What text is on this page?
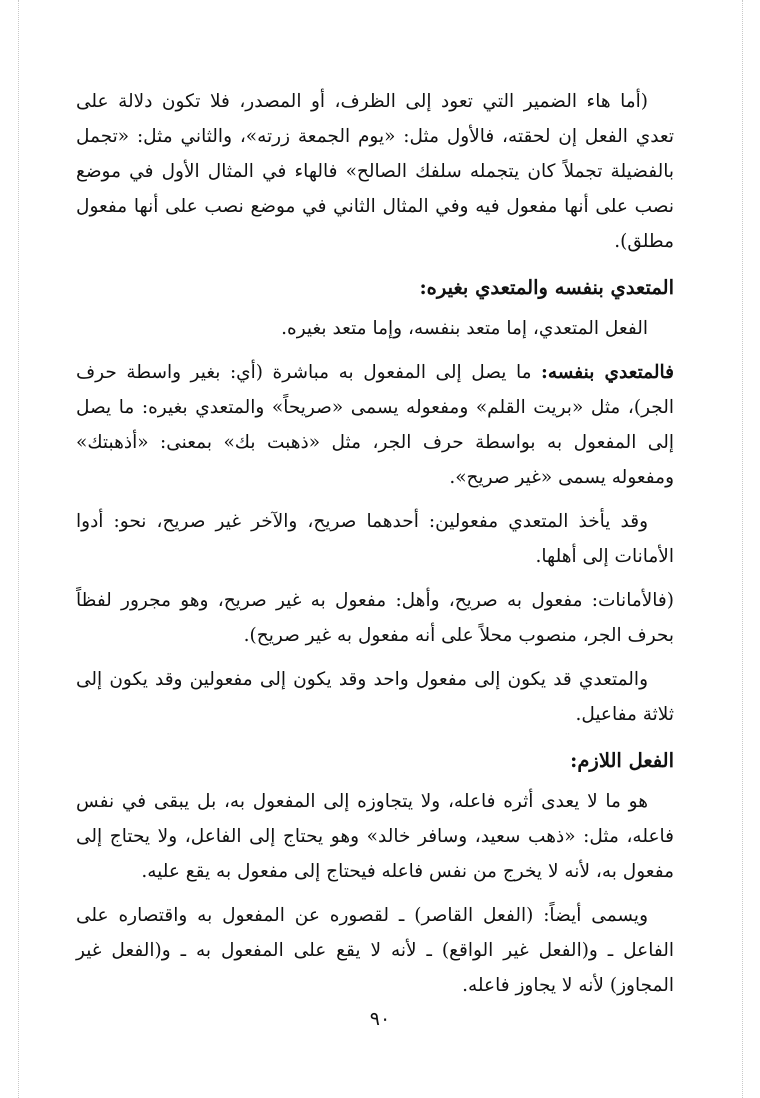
(أما هاء الضمير التي تعود إلى الظرف، أو المصدر، فلا تكون دلالة على تعدي الفعل إن لحقته، فالأول مثل: «يوم الجمعة زرته»، والثاني مثل: «تجمل بالفضيلة تجملاً كان يتجمله سلفك الصالح» فالهاء في المثال الأول في موضع نصب على أنها مفعول فيه وفي المثال الثاني في موضع نصب على أنها مفعول مطلق).

المتعدي بنفسه والمتعدي بغيره:

الفعل المتعدي، إما متعد بنفسه، وإما متعد بغيره.

فالمتعدي بنفسه: ما يصل إلى المفعول به مباشرة (أي: بغير واسطة حرف الجر)، مثل «بريت القلم» ومفعوله يسمى «صريحاً» والمتعدي بغيره: ما يصل إلى المفعول به بواسطة حرف الجر، مثل «ذهبت بك» بمعنى: «أذهبتك» ومفعوله يسمى «غير صريح».

وقد يأخذ المتعدي مفعولين: أحدهما صريح، والآخر غير صريح، نحو: أدوا الأمانات إلى أهلها.

(فالأمانات: مفعول به صريح، وأهل: مفعول به غير صريح، وهو مجرور لفظاً بحرف الجر، منصوب محلاً على أنه مفعول به غير صريح).

والمتعدي قد يكون إلى مفعول واحد وقد يكون إلى مفعولين وقد يكون إلى ثلاثة مفاعيل.

الفعل اللازم:

هو ما لا يعدى أثره فاعله، ولا يتجاوزه إلى المفعول به، بل يبقى في نفس فاعله، مثل: «ذهب سعيد، وسافر خالد» وهو يحتاج إلى الفاعل، ولا يحتاج إلى مفعول به، لأنه لا يخرج من نفس فاعله فيحتاج إلى مفعول به يقع عليه.

ويسمى أيضاً: (الفعل القاصر) ـ لقصوره عن المفعول به واقتصاره على الفاعل ـ و(الفعل غير الواقع) ـ لأنه لا يقع على المفعول به ـ و(الفعل غير المجاوز) لأنه لا يجاوز فاعله.

٩٠
